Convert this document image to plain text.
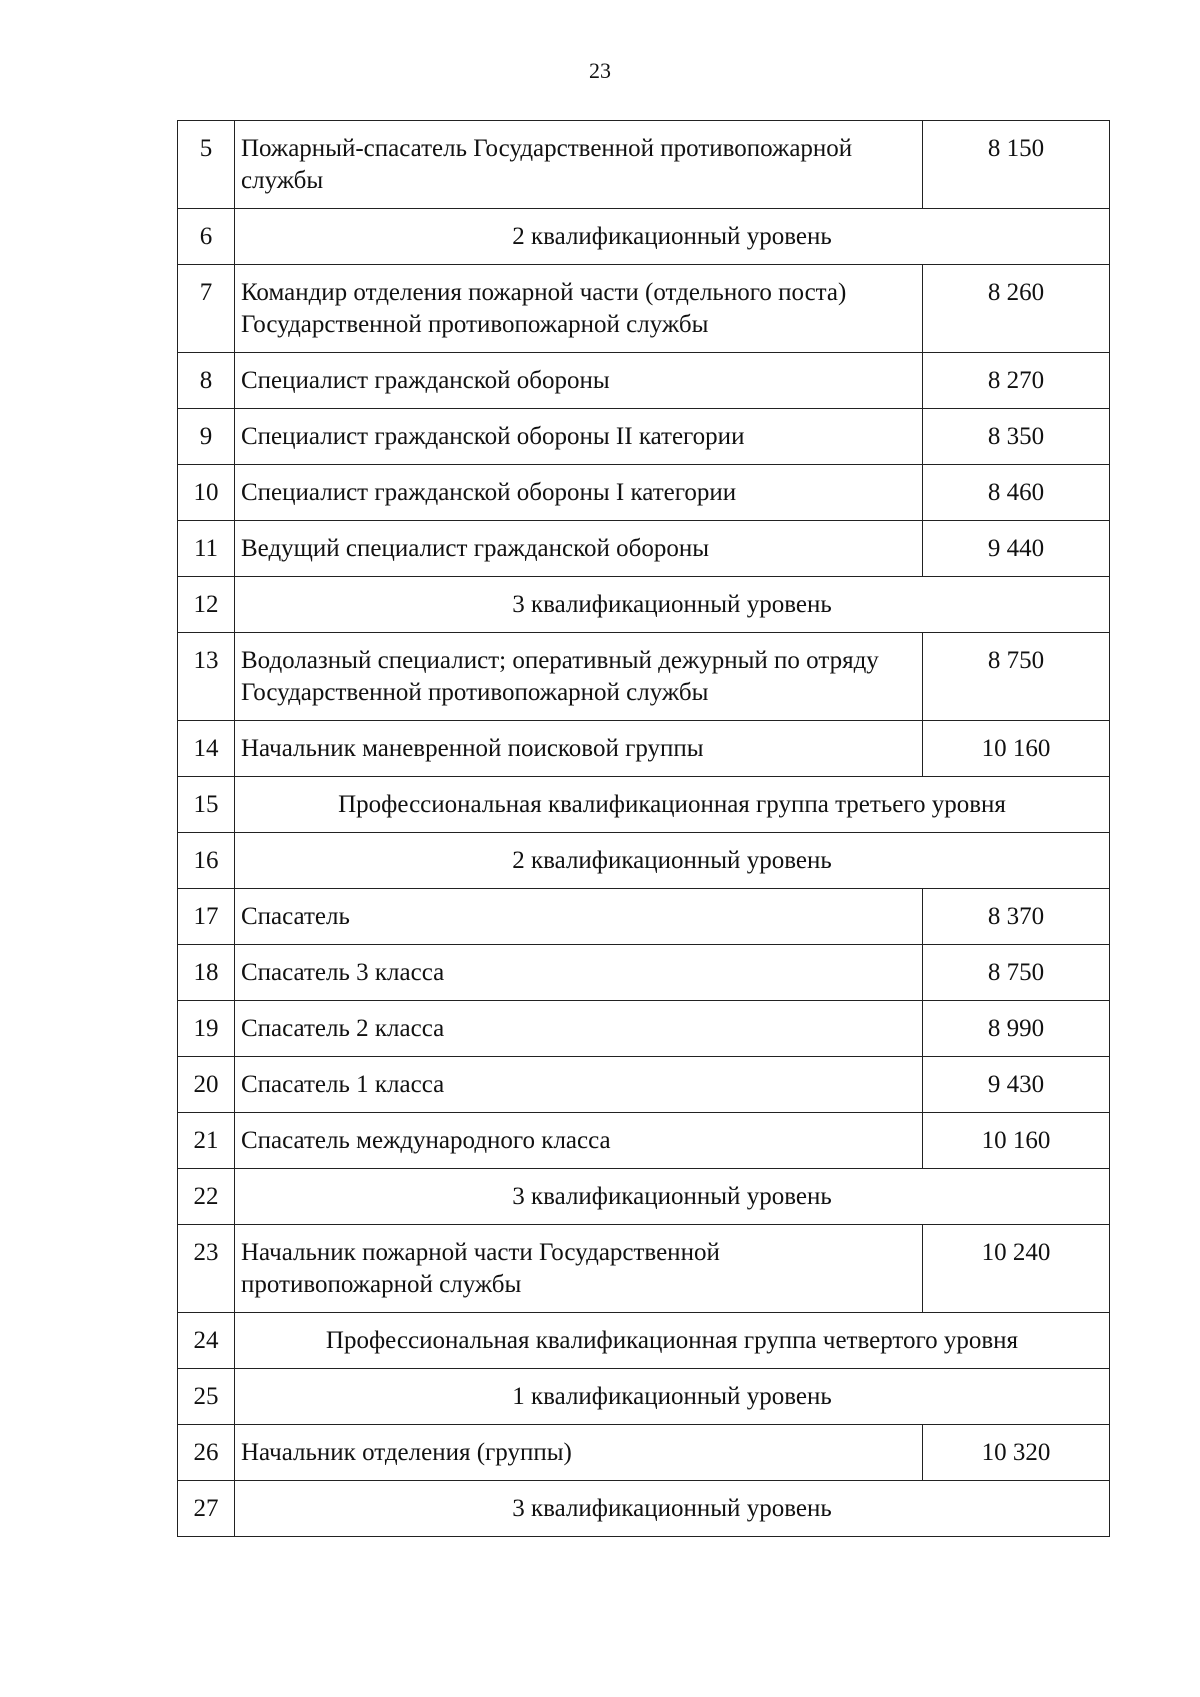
23
5	Пожарный-спасатель Государственной противопожарной службы	8 150
6	2 квалификационный уровень	
7	Командир отделения пожарной части (отдельного поста) Государственной противопожарной службы	8 260
8	Специалист гражданской обороны	8 270
9	Специалист гражданской обороны II категории	8 350
10	Специалист гражданской обороны I категории	8 460
11	Ведущий специалист гражданской обороны	9 440
12	3 квалификационный уровень	
13	Водолазный специалист; оперативный дежурный по отряду Государственной противопожарной службы	8 750
14	Начальник маневренной поисковой группы	10 160
15	Профессиональная квалификационная группа третьего уровня	
16	2 квалификационный уровень	
17	Спасатель	8 370
18	Спасатель 3 класса	8 750
19	Спасатель 2 класса	8 990
20	Спасатель 1 класса	9 430
21	Спасатель международного класса	10 160
22	3 квалификационный уровень	
23	Начальник пожарной части Государственной противопожарной службы	10 240
24	Профессиональная квалификационная группа четвертого уровня	
25	1 квалификационный уровень	
26	Начальник отделения (группы)	10 320
27	3 квалификационный уровень	
